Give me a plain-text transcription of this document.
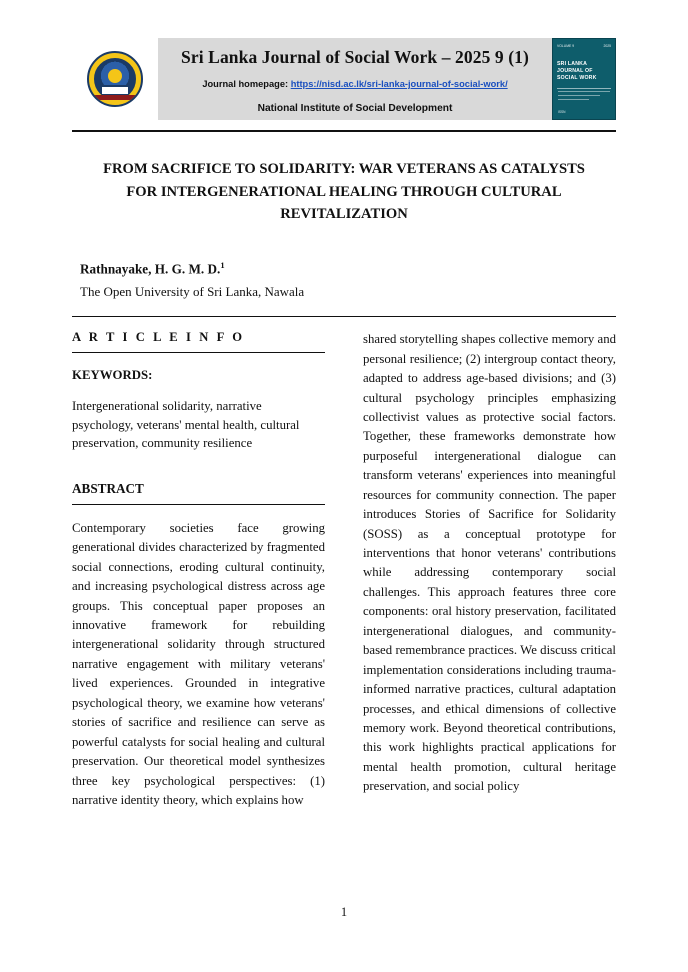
Sri Lanka Journal of Social Work – 2025 9 (1)
Journal homepage: https://nisd.ac.lk/sri-lanka-journal-of-social-work/
National Institute of Social Development
VOLUME 9	2025
SRI LANKA JOURNAL OF SOCIAL WORK
ISSN
FROM SACRIFICE TO SOLIDARITY: WAR VETERANS AS CATALYSTS FOR INTERGENERATIONAL HEALING THROUGH CULTURAL REVITALIZATION
Rathnayake, H. G. M. D.$^1$
The Open University of Sri Lanka, Nawala
A R T I C L E I N F O
KEYWORDS:
Intergenerational solidarity, narrative psychology, veterans' mental health, cultural preservation, community resilience
ABSTRACT
Contemporary societies face growing generational divides characterized by fragmented social connections, eroding cultural continuity, and increasing psychological distress across age groups. This conceptual paper proposes an innovative framework for rebuilding intergenerational solidarity through structured narrative engagement with military veterans' lived experiences. Grounded in integrative psychological theory, we examine how veterans' stories of sacrifice and resilience can serve as powerful catalysts for social healing and cultural preservation. Our theoretical model synthesizes three key psychological perspectives: (1) narrative identity theory, which explains how
shared storytelling shapes collective memory and personal resilience; (2) intergroup contact theory, adapted to address age-based divisions; and (3) cultural psychology principles emphasizing collectivist values as protective social factors. Together, these frameworks demonstrate how purposeful intergenerational dialogue can transform veterans' experiences into meaningful resources for community connection. The paper introduces Stories of Sacrifice for Solidarity (SOSS) as a conceptual prototype for interventions that honor veterans' contributions while addressing contemporary social challenges. This approach features three core components: oral history preservation, facilitated intergenerational dialogues, and community-based remembrance practices. We discuss critical implementation considerations including trauma-informed narrative practices, cultural adaptation processes, and ethical dimensions of collective memory work. Beyond theoretical contributions, this work highlights practical applications for mental health promotion, cultural heritage preservation, and social policy
1
